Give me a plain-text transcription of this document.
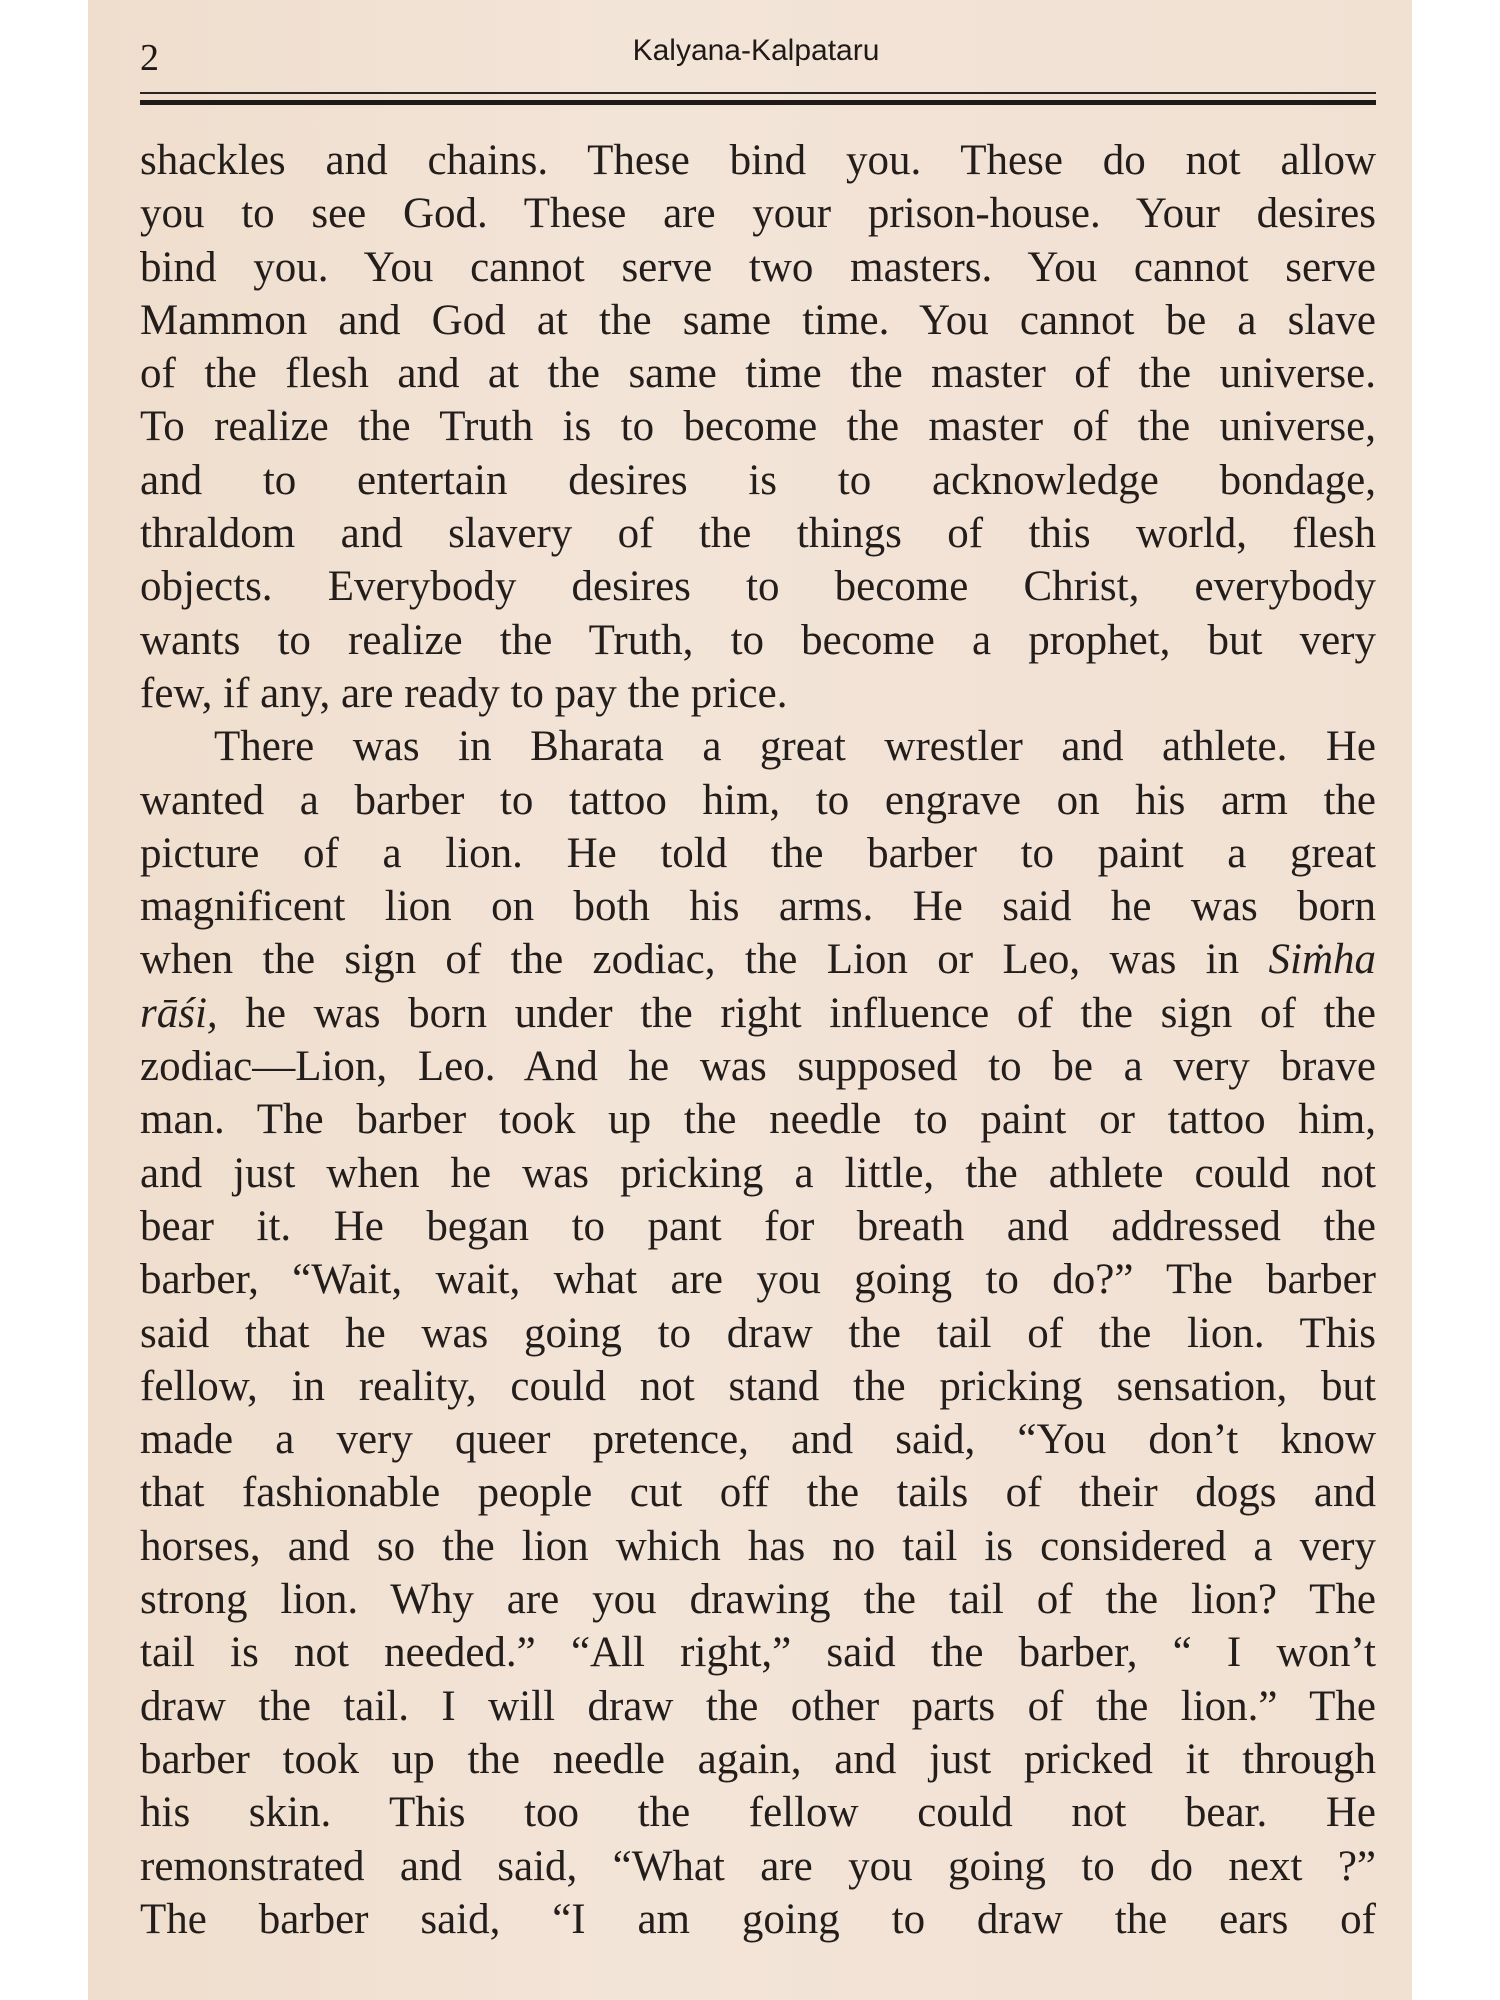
2	Kalyana-Kalpataru
shackles and chains. These bind you. These do not allow
you to see God. These are your prison-house. Your desires
bind you. You cannot serve two masters. You cannot serve
Mammon and God at the same time. You cannot be a slave
of the flesh and at the same time the master of the universe.
To realize the Truth is to become the master of the universe,
and to entertain desires is to acknowledge bondage,
thraldom and slavery of the things of this world, flesh
objects. Everybody desires to become Christ, everybody
wants to realize the Truth, to become a prophet, but very
few, if any, are ready to pay the price.
There was in Bharata a great wrestler and athlete. He
wanted a barber to tattoo him, to engrave on his arm the
picture of a lion. He told the barber to paint a great
magnificent lion on both his arms. He said he was born
when the sign of the zodiac, the Lion or Leo, was in Siṁha
rāśi, he was born under the right influence of the sign of the
zodiac—Lion, Leo. And he was supposed to be a very brave
man. The barber took up the needle to paint or tattoo him,
and just when he was pricking a little, the athlete could not
bear it. He began to pant for breath and addressed the
barber, “Wait, wait, what are you going to do?” The barber
said that he was going to draw the tail of the lion. This
fellow, in reality, could not stand the pricking sensation, but
made a very queer pretence, and said, “You don’t know
that fashionable people cut off the tails of their dogs and
horses, and so the lion which has no tail is considered a very
strong lion. Why are you drawing the tail of the lion? The
tail is not needed.” “All right,” said the barber, “ I won’t
draw the tail. I will draw the other parts of the lion.” The
barber took up the needle again, and just pricked it through
his skin. This too the fellow could not bear. He
remonstrated and said, “What are you going to do next ?”
The barber said, “I am going to draw the ears of
